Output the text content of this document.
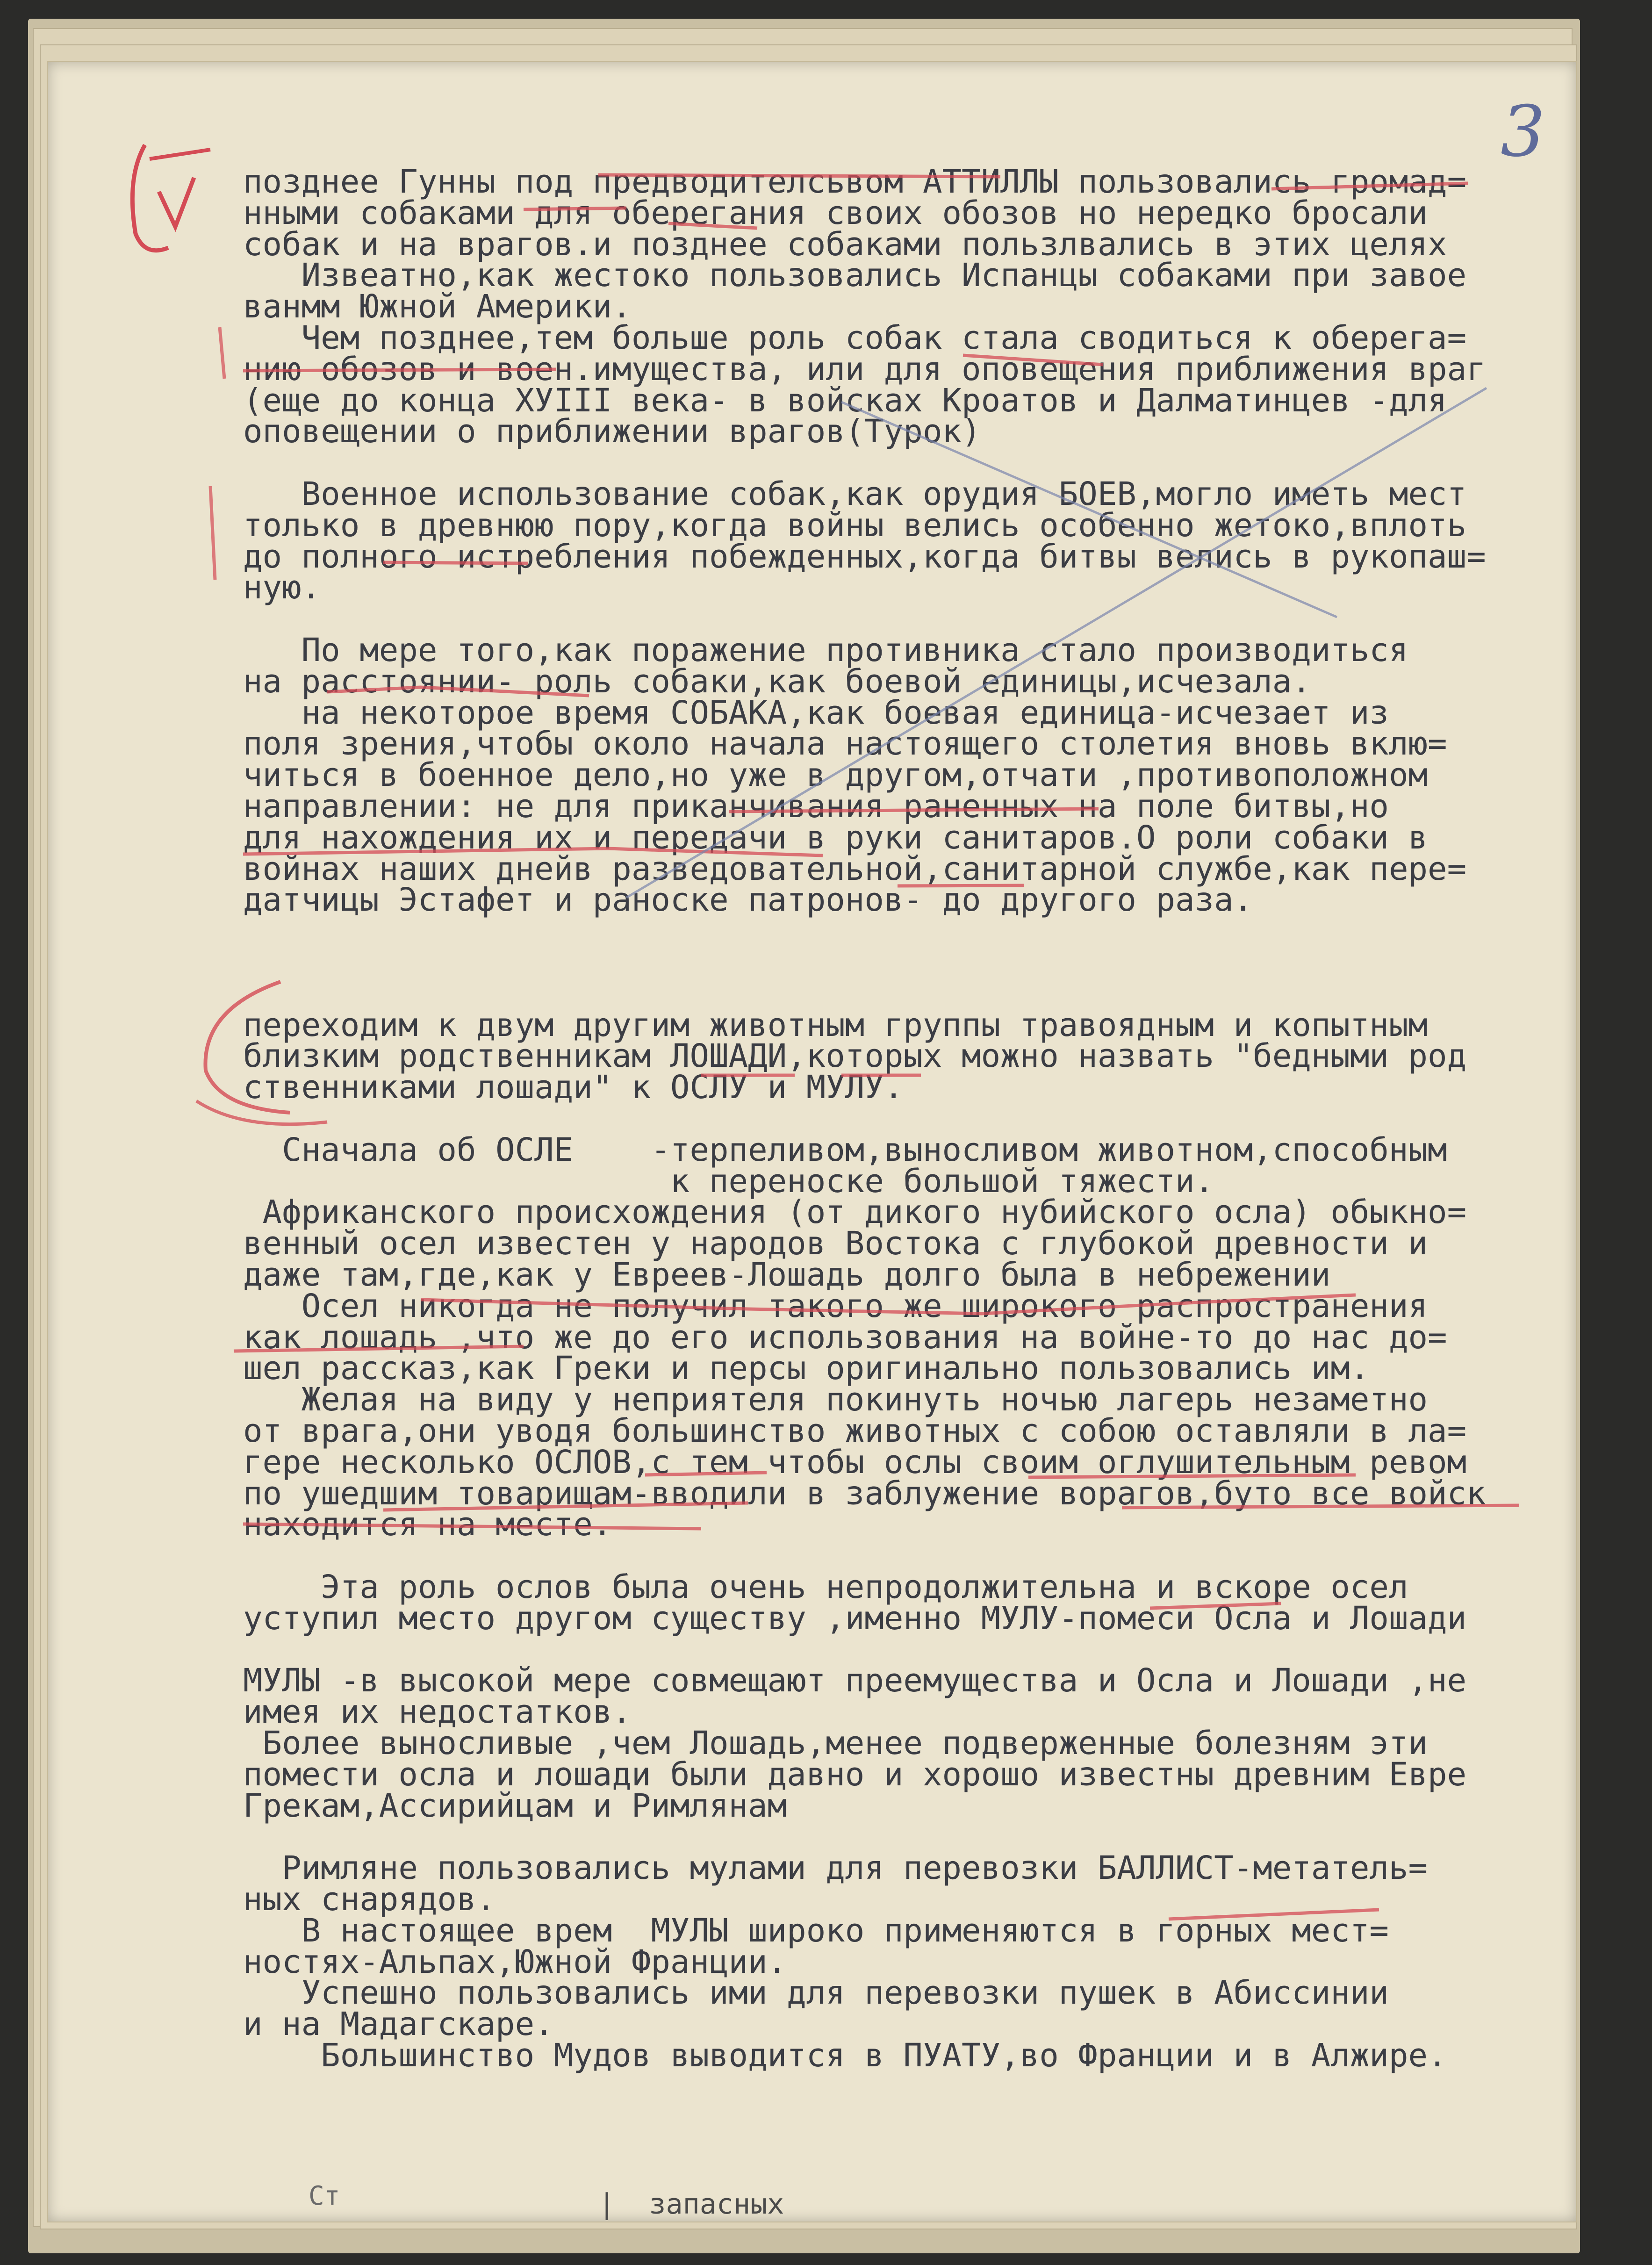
3
позднее Гунны под предводителсьвом АТТИЛЛЫ пользовались громад=
нными собаками для оберегания своих обозов но нередко бросали
собак и на врагов.и позднее собаками пользлвались в этих целях
Извеатно,как жестоко пользовались Испанцы собаками при завое
ванмм Южной Америки.
Чем позднее,тем больше роль собак стала сводиться к оберега=
нию обозов и воен.имущества, или для оповещения приближения враг
(еще до конца XУIII века- в войсках Кроатов и Далматинцев -для
оповещении о приближении врагов(Турок)
Военное использование собак,как орудия БОЕВ,могло иметь мест
только в древнюю пору,когда войны велись особенно жетоко,вплоть
до полного истребления побежденных,когда битвы велись в рукопаш=
ную.
По мере того,как поражение противника стало производиться
на расстоянии- роль собаки,как боевой единицы,исчезала.
на некоторое время СОБАКА,как боевая единица-исчезает из
поля зрения,чтобы около начала настоящего столетия вновь вклю=
читься в боенное дело,но уже в другом,отчати ,противоположном
направлении: не для приканчивания раненных на поле битвы,но
для нахождения их и передачи в руки санитаров.О роли собаки в
войнах наших днейв разведовательной,санитарной службе,как пере=
датчицы Эстафет и раноске патронов- до другого раза.
переходим к двум другим животным группы травоядным и копытным
близким родственникам ЛОШАДИ,которых можно назвать "бедными род
ственниками лошади" к ОСЛУ и МУЛУ.
Сначала об ОСЛЕ    -терпеливом,выносливом животном,способным
к переноске большой тяжести.
Африканского происхождения (от дикого нубийского осла) обыкно=
венный осел известен у народов Востока с глубокой древности и
даже там,где,как у Евреев-Лошадь долго была в небрежении
Осел никогда не получил такого же широкого распространения
как лошадь ,что же до его использования на войне-то до нас до=
шел рассказ,как Греки и персы оригинально пользовались им.
Желая на виду у неприятеля покинуть ночью лагерь незаметно
от врага,они уводя большинство животных с собою оставляли в ла=
гере несколько ОСЛОВ,с тем чтобы ослы своим оглушительным ревом
по ушедшим товарищам-вводили в заблужение ворагов,буто все войск
находится на месте.
Эта роль ослов была очень непродолжительна и вскоре осел
уступил место другом существу ,именно МУЛУ-помеси Осла и Лошади
МУЛЫ -в высокой мере совмещают преемущества и Осла и Лошади ,не
имея их недостатков.
Более выносливые ,чем Лошадь,менее подверженные болезням эти
помести осла и лошади были давно и хорошо известны древним Евре
Грекам,Ассирийцам и Римлянам
Римляне пользовались мулами для перевозки БАЛЛИСТ-метатель=
ных снарядов.
В настоящее врем  МУЛЫ широко применяются в горных мест=
ностях-Альпах,Южной Франции.
Успешно пользовались ими для перевозки пушек в Абиссинии
и на Мадагскаре.
Большинство Мудов выводится в ПУАТУ,во Франции и в Алжире.
Ст	|  запасных
